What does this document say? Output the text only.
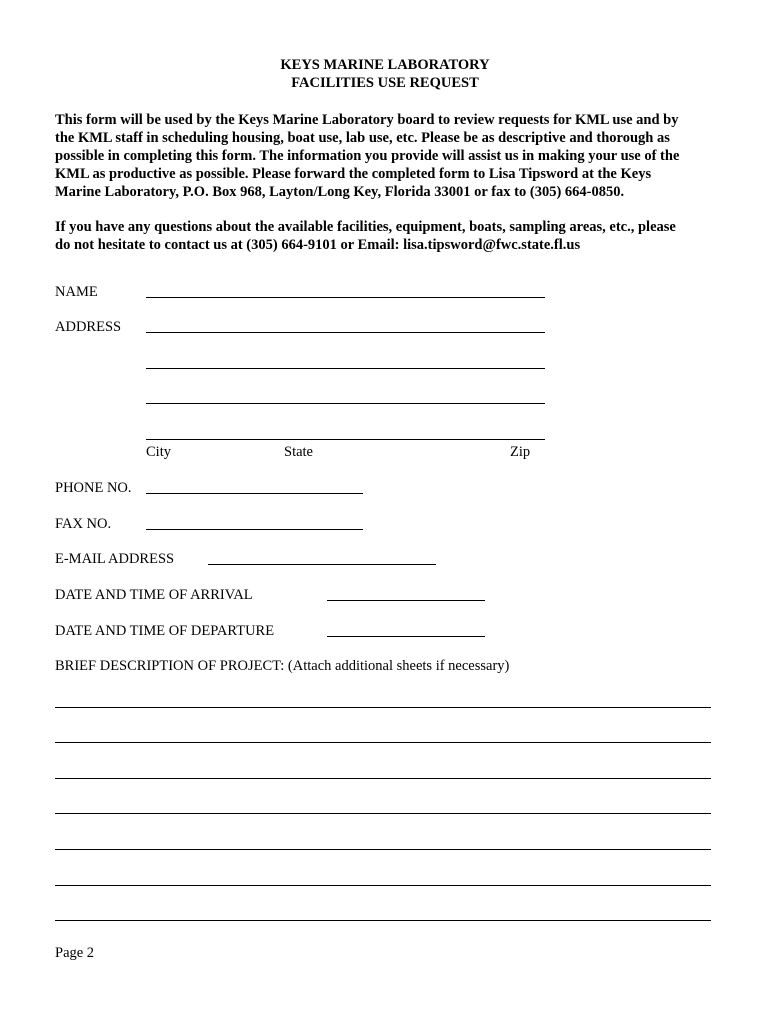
KEYS MARINE LABORATORY
FACILITIES USE REQUEST
This form will be used by the Keys Marine Laboratory board to review requests for KML use and by
the KML staff in scheduling housing, boat use, lab use, etc. Please be as descriptive and thorough as
possible in completing this form. The information you provide will assist us in making your use of the
KML as productive as possible. Please forward the completed form to Lisa Tipsword at the Keys
Marine Laboratory, P.O. Box 968, Layton/Long Key, Florida 33001 or fax to (305) 664-0850.
If you have any questions about the available facilities, equipment, boats, sampling areas, etc., please
do not hesitate to contact us at (305) 664-9101 or Email: lisa.tipsword@fwc.state.fl.us
NAME
ADDRESS
City	State	Zip
PHONE NO.
FAX NO.
E-MAIL ADDRESS
DATE AND TIME OF ARRIVAL
DATE AND TIME OF DEPARTURE
BRIEF DESCRIPTION OF PROJECT: (Attach additional sheets if necessary)
Page 2
